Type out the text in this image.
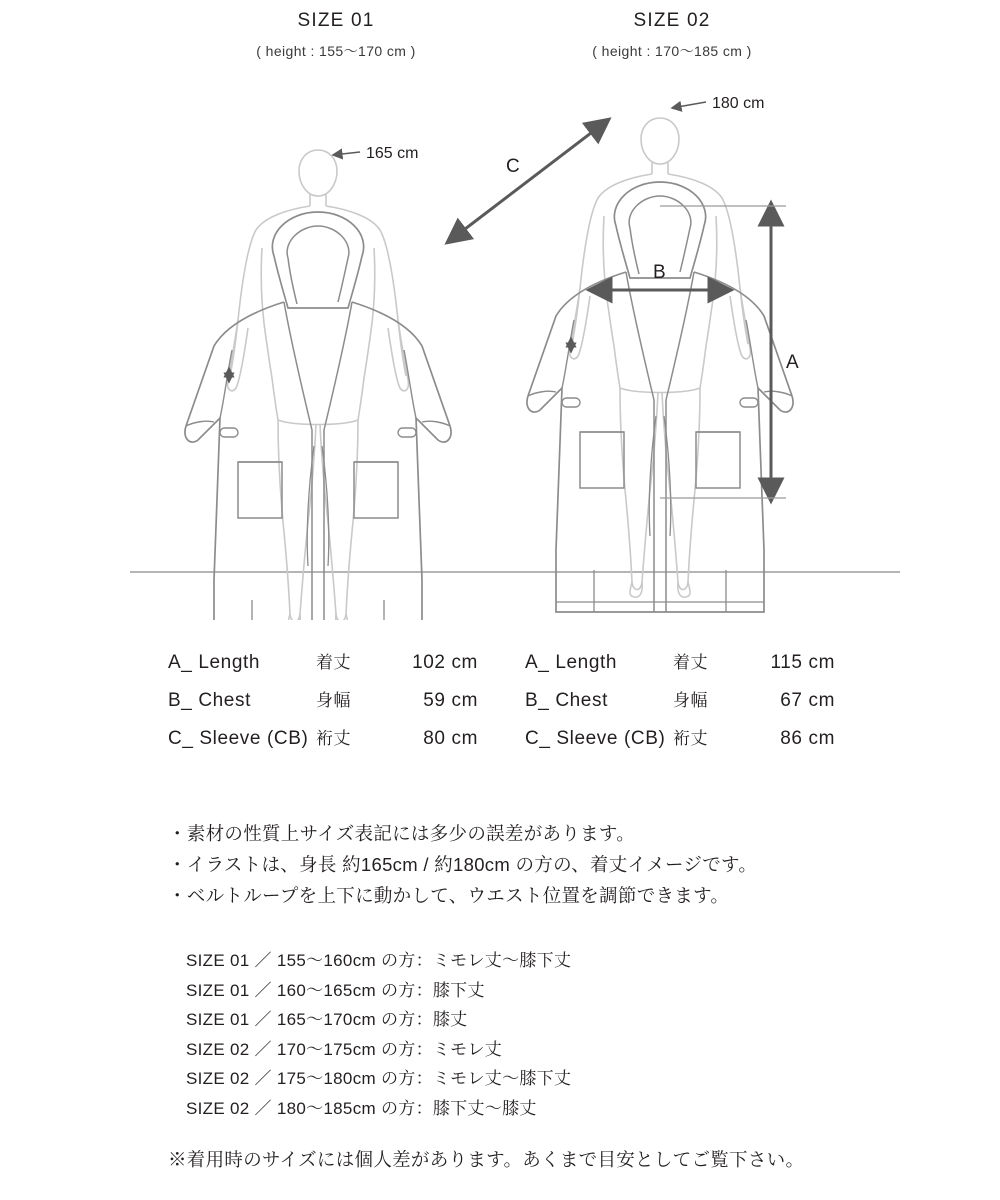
SIZE 01
( height : 155〜170 cm )
SIZE 02
( height : 170〜185 cm )
165 cm
180 cm
C
B
A
A_ Length	着丈	102 cm
B_ Chest	身幅	59 cm
C_ Sleeve (CB) 裄丈	80 cm
A_ Length	着丈	115 cm
B_ Chest	身幅	67 cm
C_ Sleeve (CB) 裄丈	86 cm
・素材の性質上サイズ表記には多少の誤差があります。
・イラストは、身長 約165cm / 約180cm の方の、着丈イメージです。
・ベルトループを上下に動かして、ウエスト位置を調節できます。
SIZE 01 ／ 155〜160cm の方：ミモレ丈〜膝下丈
SIZE 01 ／ 160〜165cm の方：膝下丈
SIZE 01 ／ 165〜170cm の方：膝丈
SIZE 02 ／ 170〜175cm の方：ミモレ丈
SIZE 02 ／ 175〜180cm の方：ミモレ丈〜膝下丈
SIZE 02 ／ 180〜185cm の方：膝下丈〜膝丈
※着用時のサイズには個人差があります。あくまで目安としてご覧下さい。
